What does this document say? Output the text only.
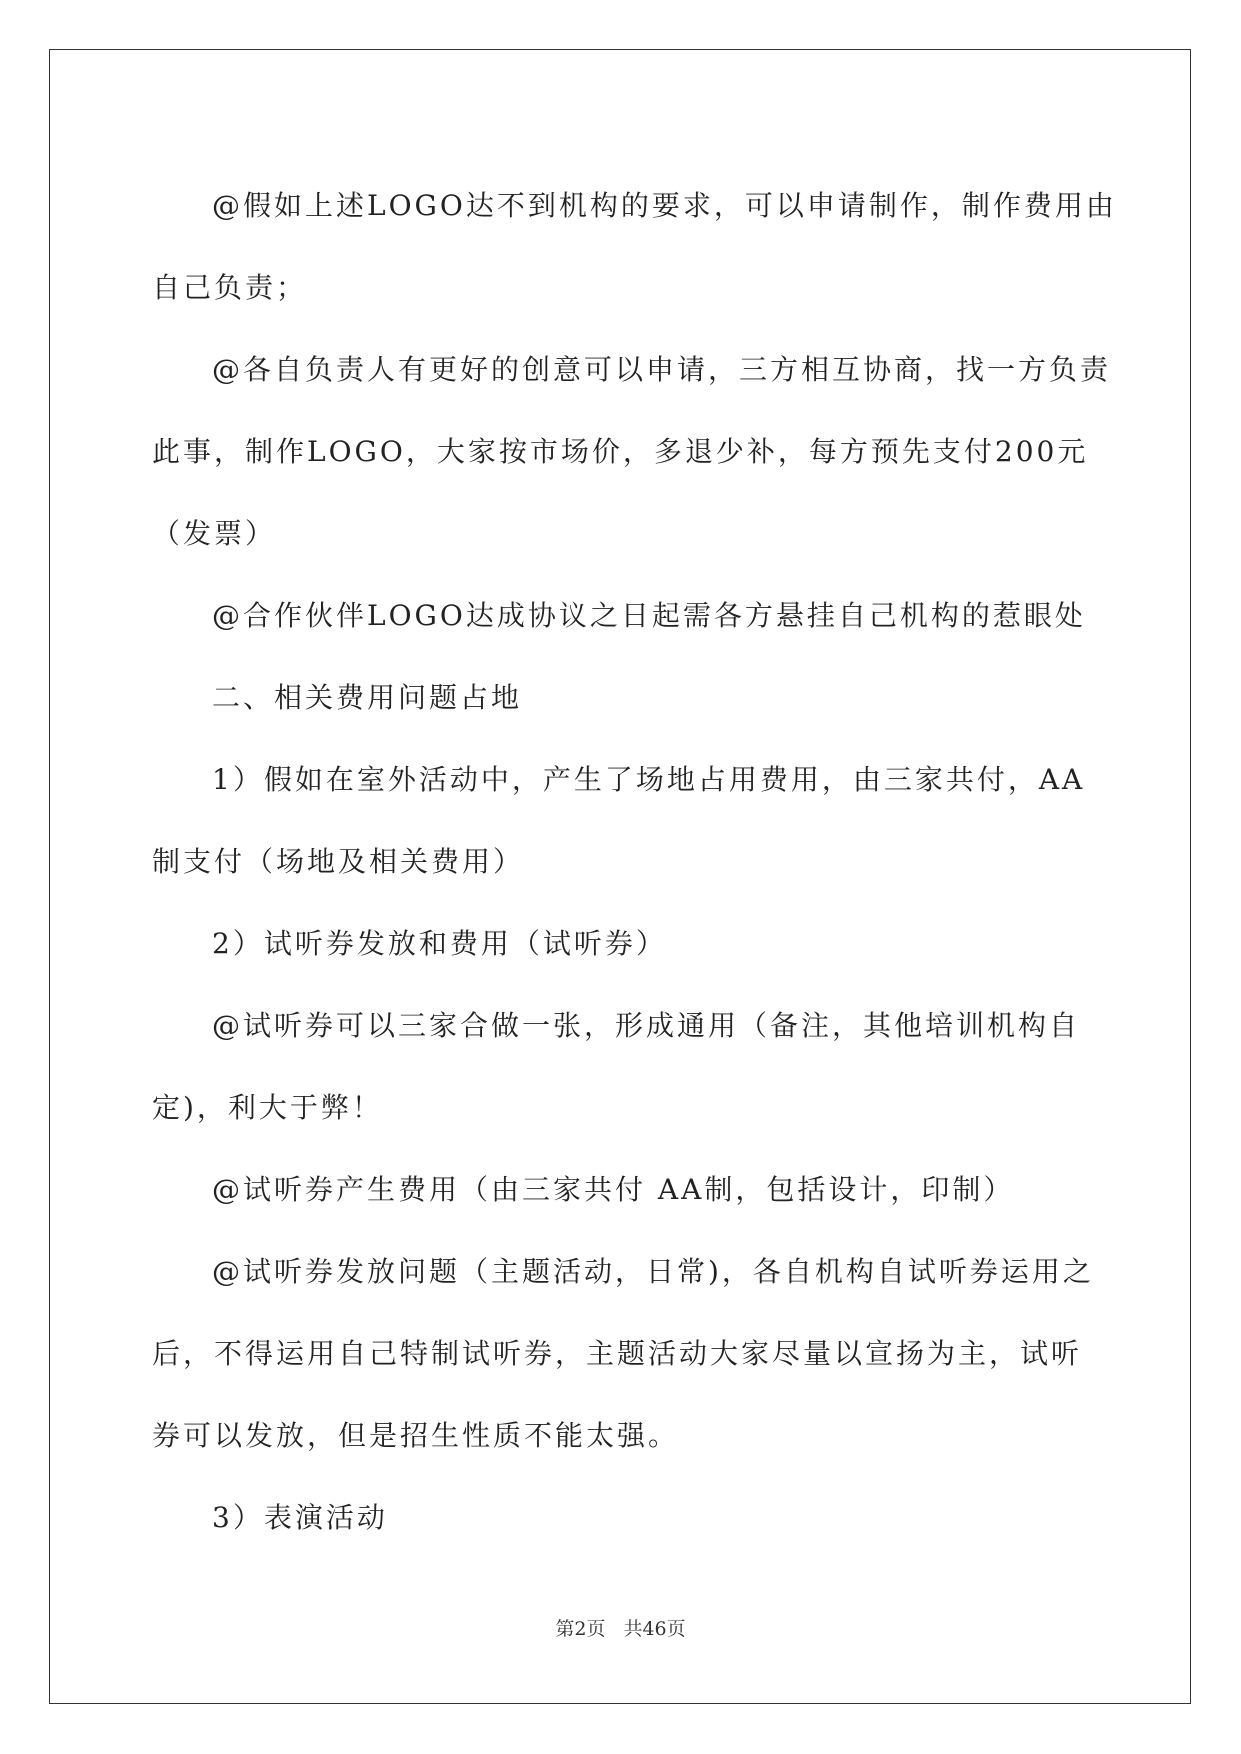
@假如上述LOGO达不到机构的要求，可以申请制作，制作费用由
自己负责；
@各自负责人有更好的创意可以申请，三方相互协商，找一方负责
此事，制作LOGO，大家按市场价，多退少补，每方预先支付200元
（发票）
@合作伙伴LOGO达成协议之日起需各方悬挂自己机构的惹眼处
二、相关费用问题占地
1）假如在室外活动中，产生了场地占用费用，由三家共付，AA
制支付（场地及相关费用）
2）试听券发放和费用（试听券）
@试听券可以三家合做一张，形成通用（备注，其他培训机构自
定)，利大于弊！
@试听券产生费用（由三家共付 AA制，包括设计，印制）
@试听券发放问题（主题活动，日常)，各自机构自试听券运用之
后，不得运用自己特制试听券，主题活动大家尽量以宣扬为主，试听
券可以发放，但是招生性质不能太强。
3）表演活动
第2页 共46页
